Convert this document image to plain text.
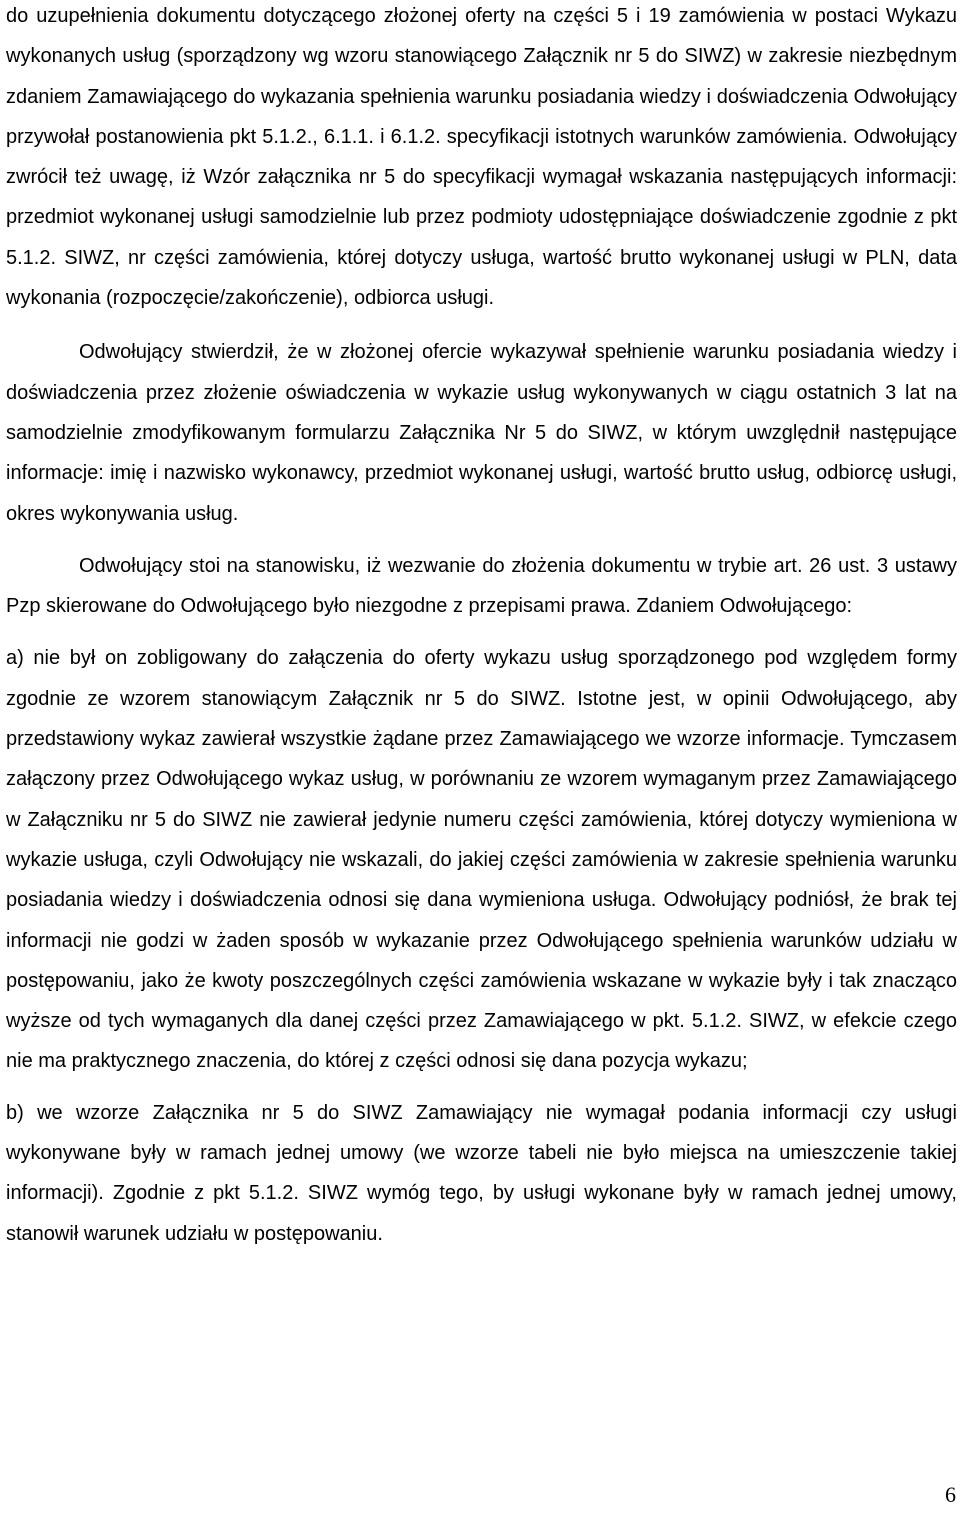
do uzupełnienia dokumentu dotyczącego złożonej oferty na części 5 i 19 zamówienia w postaci Wykazu wykonanych usług (sporządzony wg wzoru stanowiącego Załącznik nr 5 do SIWZ) w zakresie niezbędnym zdaniem Zamawiającego do wykazania spełnienia warunku posiadania wiedzy i doświadczenia Odwołujący przywołał postanowienia pkt 5.1.2., 6.1.1. i 6.1.2. specyfikacji istotnych warunków zamówienia. Odwołujący zwrócił też uwagę, iż Wzór załącznika nr 5 do specyfikacji wymagał wskazania następujących informacji: przedmiot wykonanej usługi samodzielnie lub przez podmioty udostępniające doświadczenie zgodnie z pkt 5.1.2. SIWZ, nr części zamówienia, której dotyczy usługa, wartość brutto wykonanej usługi w PLN, data wykonania (rozpoczęcie/zakończenie), odbiorca usługi.

Odwołujący stwierdził, że w złożonej ofercie wykazywał spełnienie warunku posiadania wiedzy i doświadczenia przez złożenie oświadczenia w wykazie usług wykonywanych w ciągu ostatnich 3 lat na samodzielnie zmodyfikowanym formularzu Załącznika Nr 5 do SIWZ, w którym uwzględnił następujące informacje: imię i nazwisko wykonawcy, przedmiot wykonanej usługi, wartość brutto usług, odbiorcę usługi, okres wykonywania usług.

Odwołujący stoi na stanowisku, iż wezwanie do złożenia dokumentu w trybie art. 26 ust. 3 ustawy Pzp skierowane do Odwołującego było niezgodne z przepisami prawa. Zdaniem Odwołującego:

a) nie był on zobligowany do załączenia do oferty wykazu usług sporządzonego pod względem formy zgodnie ze wzorem stanowiącym Załącznik nr 5 do SIWZ. Istotne jest, w opinii Odwołującego, aby przedstawiony wykaz zawierał wszystkie żądane przez Zamawiającego we wzorze informacje. Tymczasem załączony przez Odwołującego wykaz usług, w porównaniu ze wzorem wymaganym przez Zamawiającego w Załączniku nr 5 do SIWZ nie zawierał jedynie numeru części zamówienia, której dotyczy wymieniona w wykazie usługa, czyli Odwołujący nie wskazali, do jakiej części zamówienia w zakresie spełnienia warunku posiadania wiedzy i doświadczenia odnosi się dana wymieniona usługa. Odwołujący podniósł, że brak tej informacji nie godzi w żaden sposób w wykazanie przez Odwołującego spełnienia warunków udziału w postępowaniu, jako że kwoty poszczególnych części zamówienia wskazane w wykazie były i tak znacząco wyższe od tych wymaganych dla danej części przez Zamawiającego w pkt. 5.1.2. SIWZ, w efekcie czego nie ma praktycznego znaczenia, do której z części odnosi się dana pozycja wykazu;

b) we wzorze Załącznika nr 5 do SIWZ Zamawiający nie wymagał podania informacji czy usługi wykonywane były w ramach jednej umowy (we wzorze tabeli nie było miejsca na umieszczenie takiej informacji). Zgodnie z pkt 5.1.2. SIWZ wymóg tego, by usługi wykonane były w ramach jednej umowy, stanowił warunek udziału w postępowaniu.

6
